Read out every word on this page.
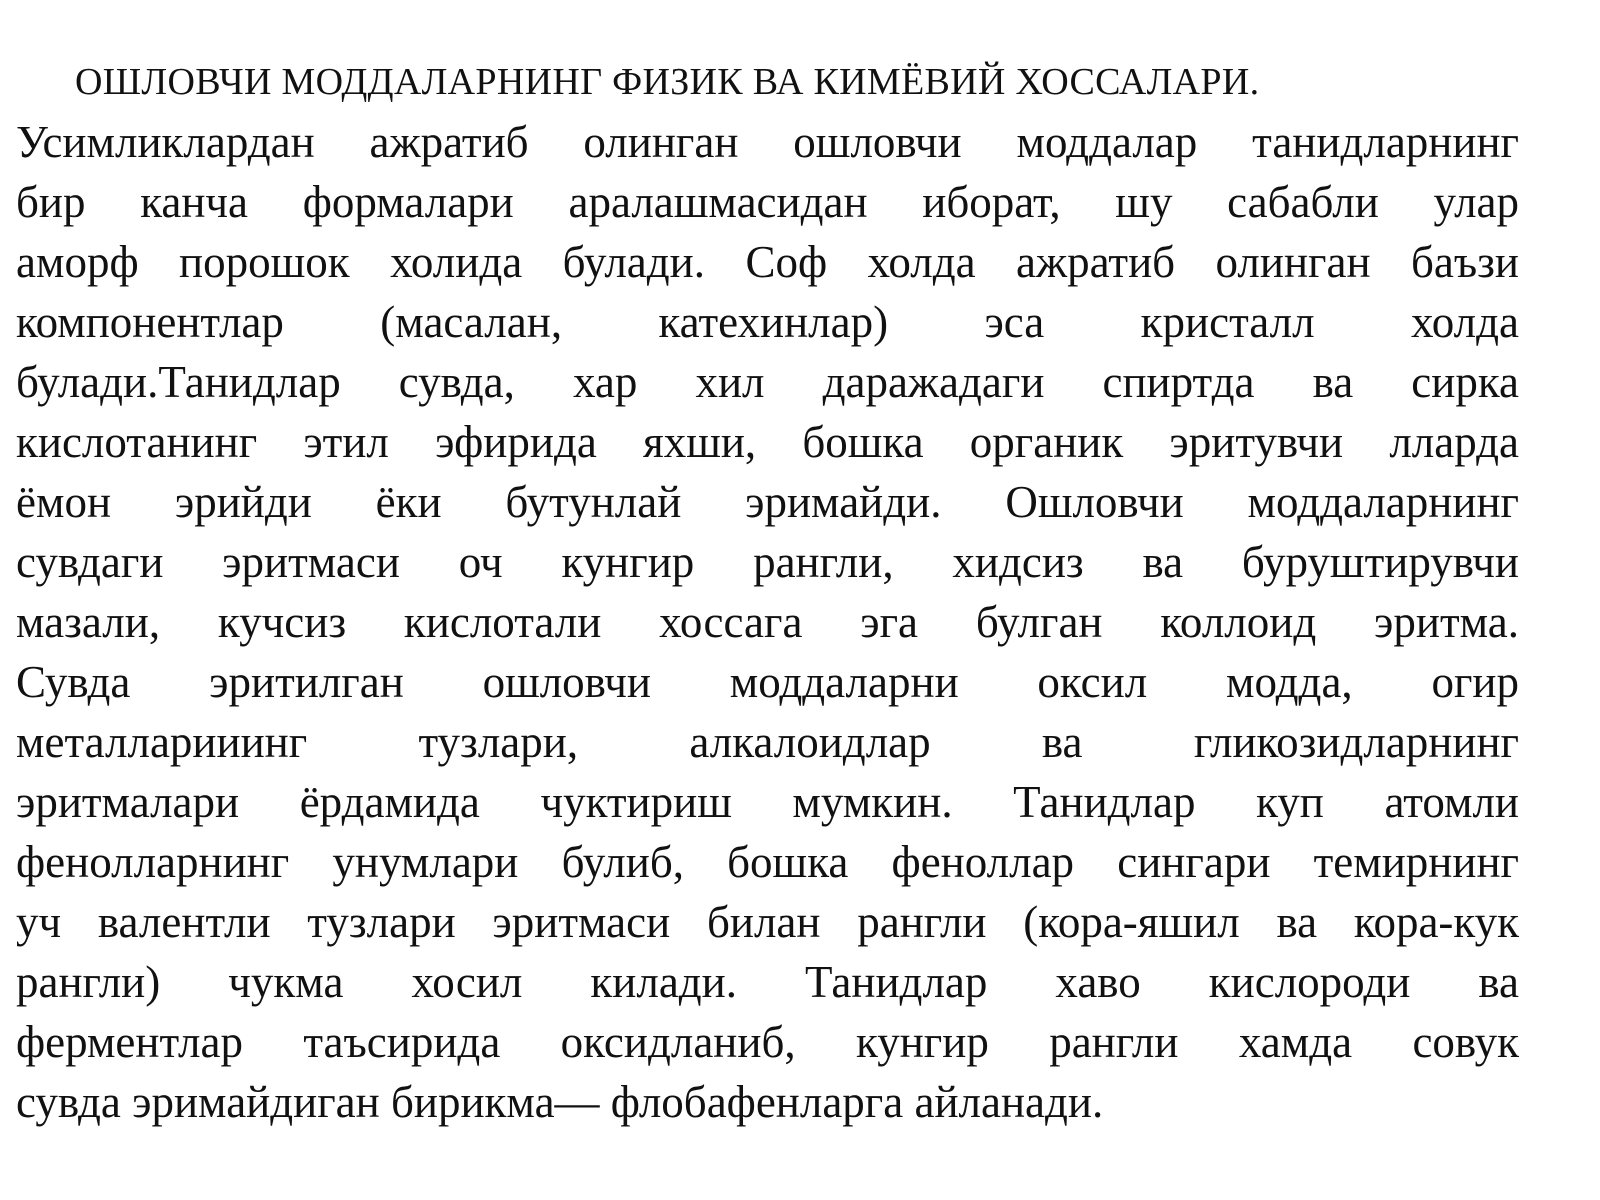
ОШЛОВЧИ МОДДАЛАРНИНГ ФИЗИК ВА КИМЁВИЙ ХОССАЛАРИ.
Усимликлардан ажратиб олинган ошловчи моддалар танидларнинг
бир канча формалари аралашмасидан иборат, шу сабабли улар
аморф порошок холида булади. Соф холда ажратиб олинган баъзи
компонентлар (масалан, катехинлар) эса кристалл холда
булади.Танидлар сувда, хар хил даражадаги спиртда ва сирка
кислотанинг этил эфирида яхши, бошка органик эритувчи лларда
ёмон эрийди ёки бутунлай эримайди. Ошловчи моддаларнинг
сувдаги эритмаси оч кунгир рангли, хидсиз ва буруштирувчи
мазали, кучсиз кислотали хоссага эга булган коллоид эритма.
Сувда эритилган ошловчи моддаларни оксил модда, огир
металларииинг тузлари, алкалоидлар ва гликозидларнинг
эритмалари ёрдамида чуктириш мумкин. Танидлар куп атомли
фенолларнинг унумлари булиб, бошка феноллар сингари темирнинг
уч валентли тузлари эритмаси билан рангли (кора-яшил ва кора-кук
рангли) чукма хосил килади. Танидлар хаво кислороди ва
ферментлар таъсирида оксидланиб, кунгир рангли хамда совук
сувда эримайдиган бирикма— флобафенларга айланади.
